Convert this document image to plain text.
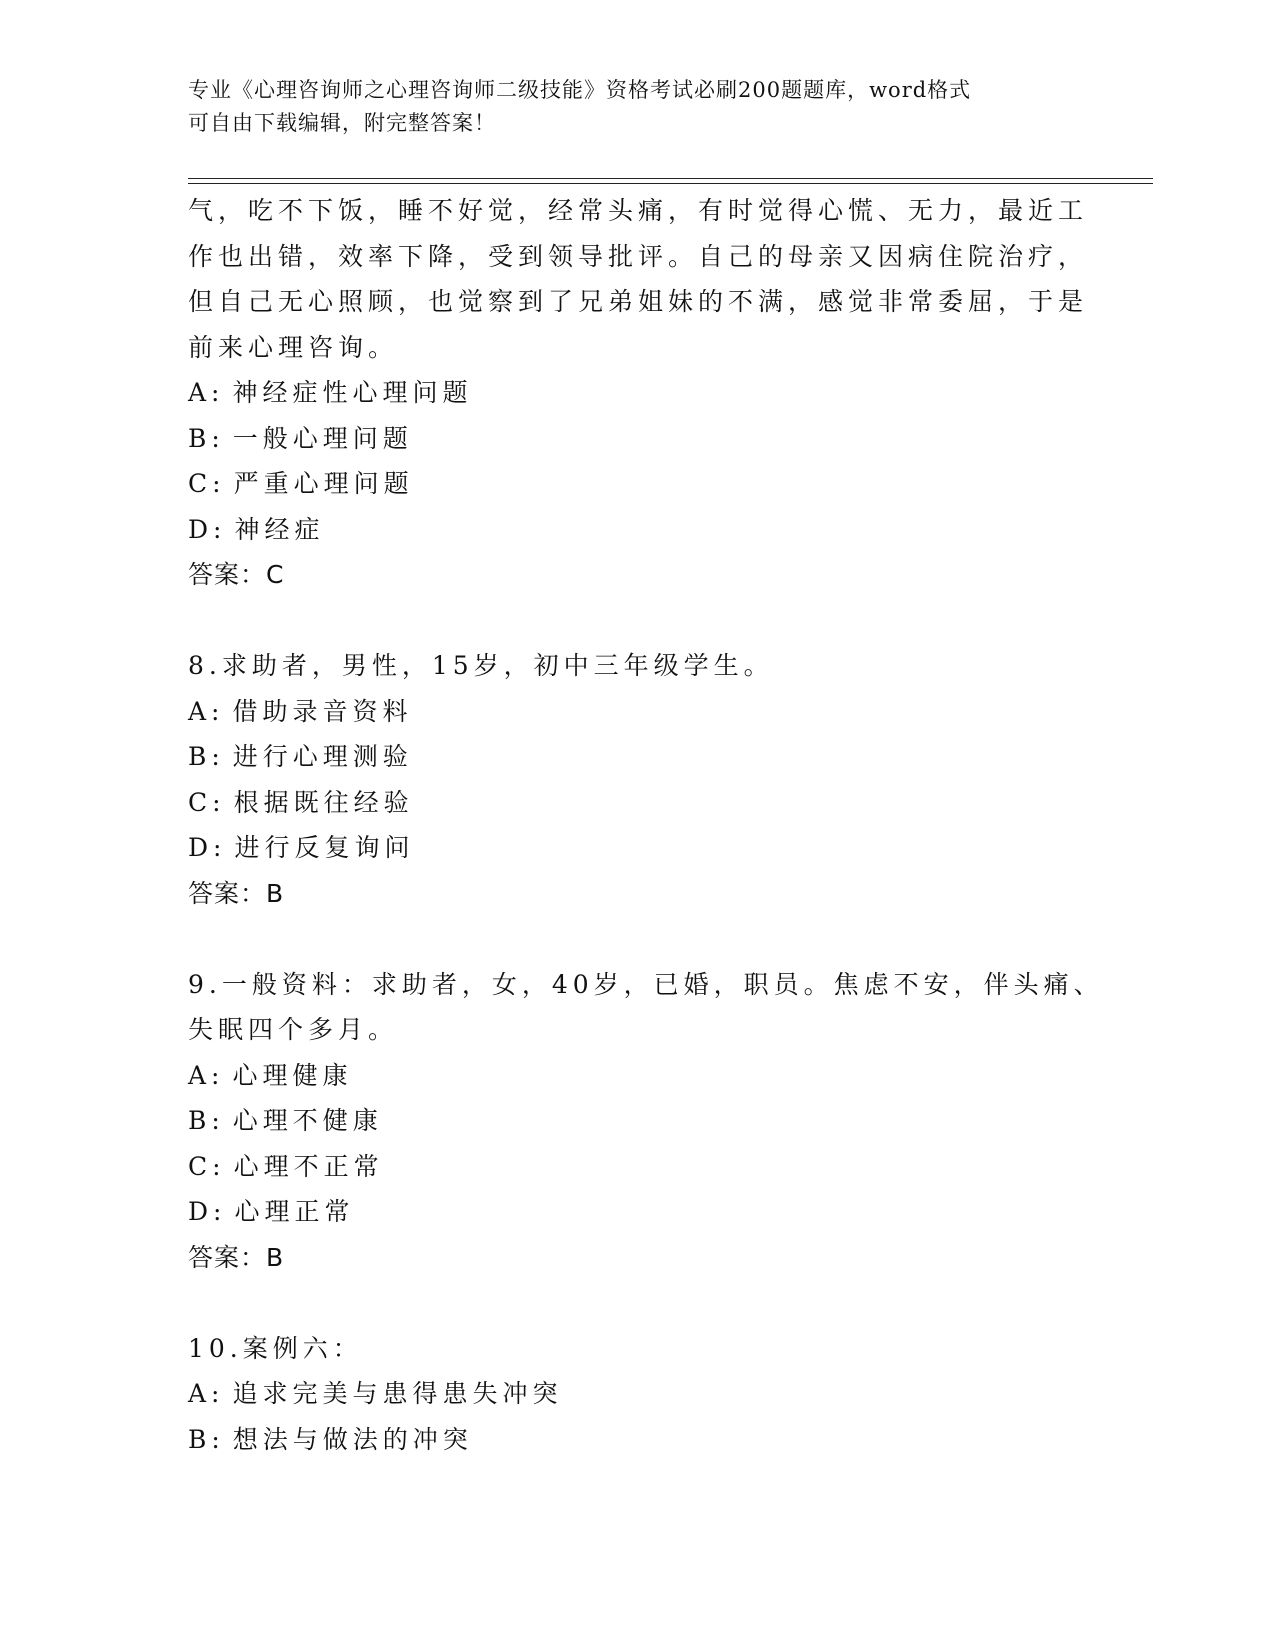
专业《心理咨询师之心理咨询师二级技能》资格考试必刷200题题库，word格式
可自由下载编辑，附完整答案！
气，吃不下饭，睡不好觉，经常头痛，有时觉得心慌、无力，最近工
作也出错，效率下降，受到领导批评。自己的母亲又因病住院治疗，
但自己无心照顾，也觉察到了兄弟姐妹的不满，感觉非常委屈，于是
前来心理咨询。
A: 神经症性心理问题
B: 一般心理问题
C: 严重心理问题
D: 神经症
答案：C
8.求助者，男性，15岁，初中三年级学生。
A: 借助录音资料
B: 进行心理测验
C: 根据既往经验
D: 进行反复询问
答案：B
9.一般资料：求助者，女，40岁，已婚，职员。焦虑不安，伴头痛、
失眠四个多月。
A: 心理健康
B: 心理不健康
C: 心理不正常
D: 心理正常
答案：B
10.案例六：
A: 追求完美与患得患失冲突
B: 想法与做法的冲突
